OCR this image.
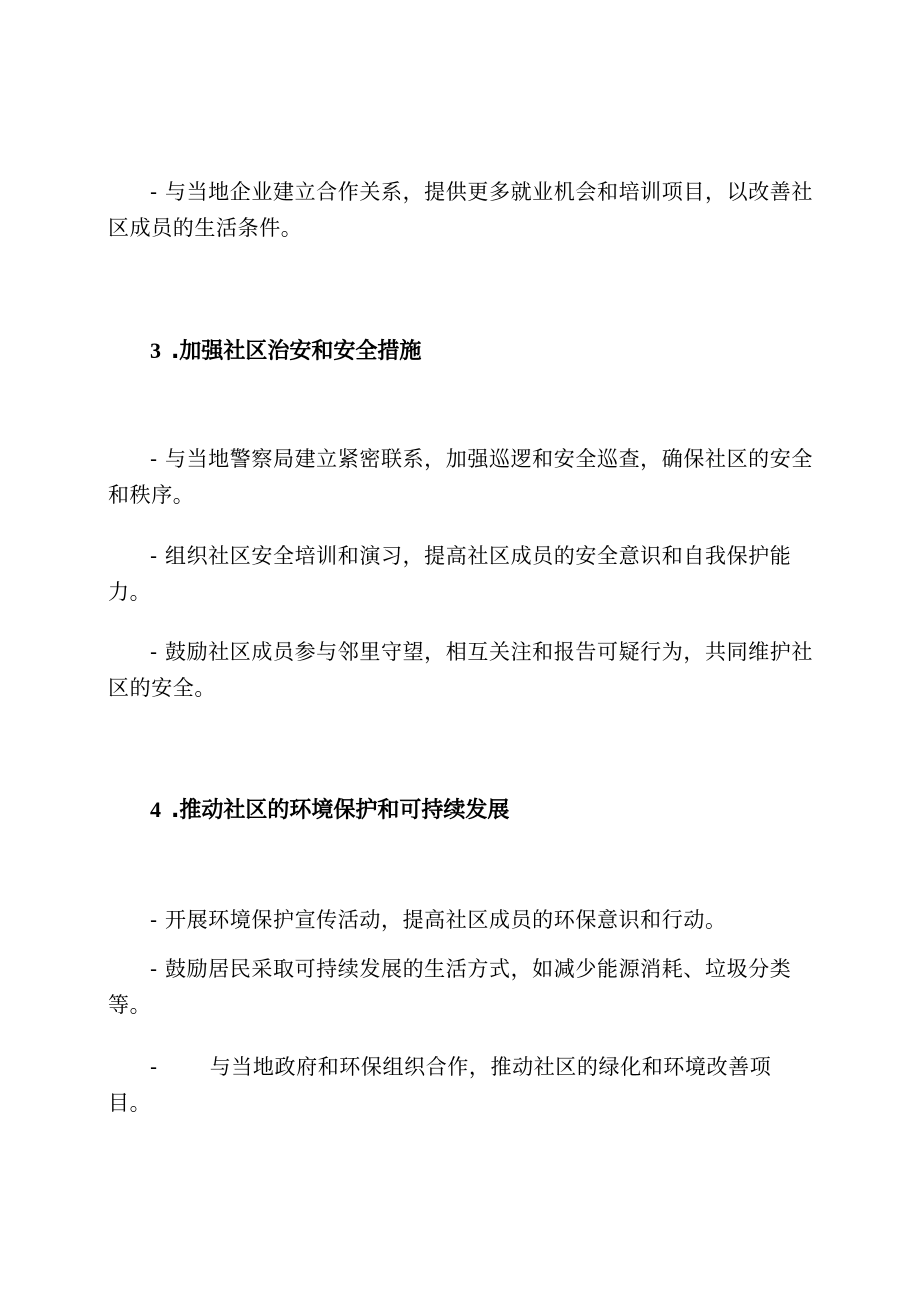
- 与当地企业建立合作关系，提供更多就业机会和培训项目，以改善社区成员的生活条件。

3 .加强社区治安和安全措施

- 与当地警察局建立紧密联系，加强巡逻和安全巡查，确保社区的安全和秩序。

- 组织社区安全培训和演习，提高社区成员的安全意识和自我保护能力。

- 鼓励社区成员参与邻里守望，相互关注和报告可疑行为，共同维护社区的安全。

4 .推动社区的环境保护和可持续发展

- 开展环境保护宣传活动，提高社区成员的环保意识和行动。

- 鼓励居民采取可持续发展的生活方式，如减少能源消耗、垃圾分类等。

- 与当地政府和环保组织合作，推动社区的绿化和环境改善项目。
